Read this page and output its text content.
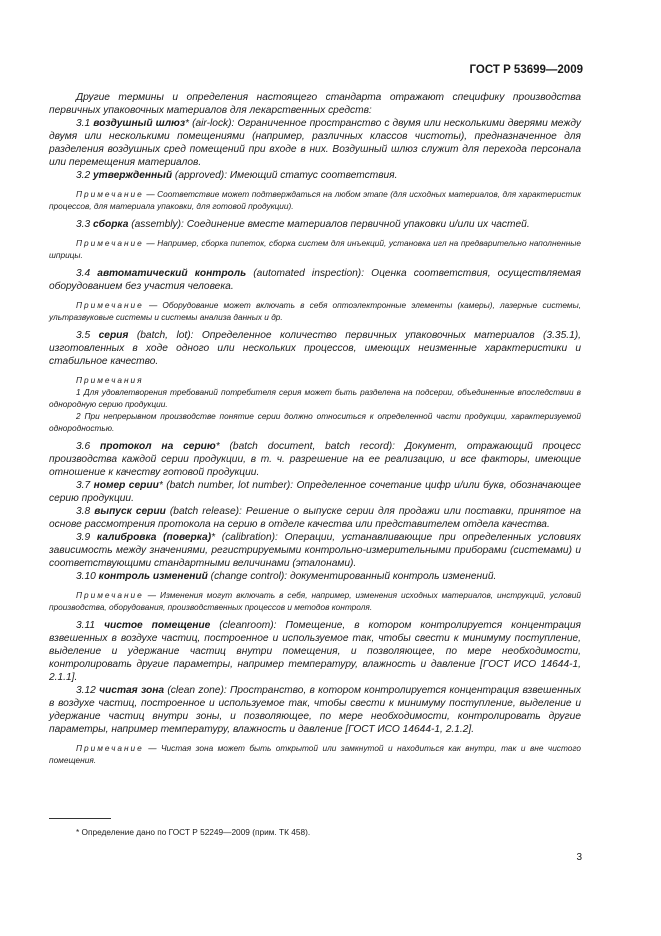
ГОСТ Р 53699—2009

Другие термины и определения настоящего стандарта отражают специфику производства первичных упаковочных материалов для лекарственных средств:

3.1 воздушный шлюз* (air-lock): Ограниченное пространство с двумя или несколькими дверями между двумя или несколькими помещениями (например, различных классов чистоты), предназначенное для разделения воздушных сред помещений при входе в них. Воздушный шлюз служит для перехода персонала или перемещения материалов.

3.2 утвержденный (approved): Имеющий статус соответствия.

Примечание — Соответствие может подтверждаться на любом этапе (для исходных материалов, для характеристик процессов, для материала упаковки, для готовой продукции).

3.3 сборка (assembly): Соединение вместе материалов первичной упаковки и/или их частей.

Примечание — Например, сборка пипеток, сборка систем для инъекций, установка игл на предварительно наполненные шприцы.

3.4 автоматический контроль (automated inspection): Оценка соответствия, осуществляемая оборудованием без участия человека.

Примечание — Оборудование может включать в себя оптоэлектронные элементы (камеры), лазерные системы, ультразвуковые системы и системы анализа данных и др.

3.5 серия (batch, lot): Определенное количество первичных упаковочных материалов (3.35.1), изготовленных в ходе одного или нескольких процессов, имеющих неизменные характеристики и стабильное качество.

Примечания
1 Для удовлетворения требований потребителя серия может быть разделена на подсерии, объединенные впоследствии в однородную серию продукции.
2 При непрерывном производстве понятие серии должно относиться к определенной части продукции, характеризуемой однородностью.

3.6 протокол на серию* (batch document, batch record): Документ, отражающий процесс производства каждой серии продукции, в т. ч. разрешение на ее реализацию, и все факторы, имеющие отношение к качеству готовой продукции.

3.7 номер серии* (batch number, lot number): Определенное сочетание цифр и/или букв, обозначающее серию продукции.

3.8 выпуск серии (batch release): Решение о выпуске серии для продажи или поставки, принятое на основе рассмотрения протокола на серию в отделе качества или представителем отдела качества.

3.9 калибровка (поверка)* (calibration): Операции, устанавливающие при определенных условиях зависимость между значениями, регистрируемыми контрольно-измерительными приборами (системами) и соответствующими стандартными величинами (эталонами).

3.10 контроль изменений (change control): документированный контроль изменений.

Примечание — Изменения могут включать в себя, например, изменения исходных материалов, инструкций, условий производства, оборудования, производственных процессов и методов контроля.

3.11 чистое помещение (cleanroom): Помещение, в котором контролируется концентрация взвешенных в воздухе частиц, построенное и используемое так, чтобы свести к минимуму поступление, выделение и удержание частиц внутри помещения, и позволяющее, по мере необходимости, контролировать другие параметры, например температуру, влажность и давление [ГОСТ ИСО 14644-1, 2.1.1].

3.12 чистая зона (clean zone): Пространство, в котором контролируется концентрация взвешенных в воздухе частиц, построенное и используемое так, чтобы свести к минимуму поступление, выделение и удержание частиц внутри зоны, и позволяющее, по мере необходимости, контролировать другие параметры, например температуру, влажность и давление [ГОСТ ИСО 14644-1, 2.1.2].

Примечание — Чистая зона может быть открытой или замкнутой и находиться как внутри, так и вне чистого помещения.
* Определение дано по ГОСТ Р 52249—2009 (прим. ТК 458).
3
